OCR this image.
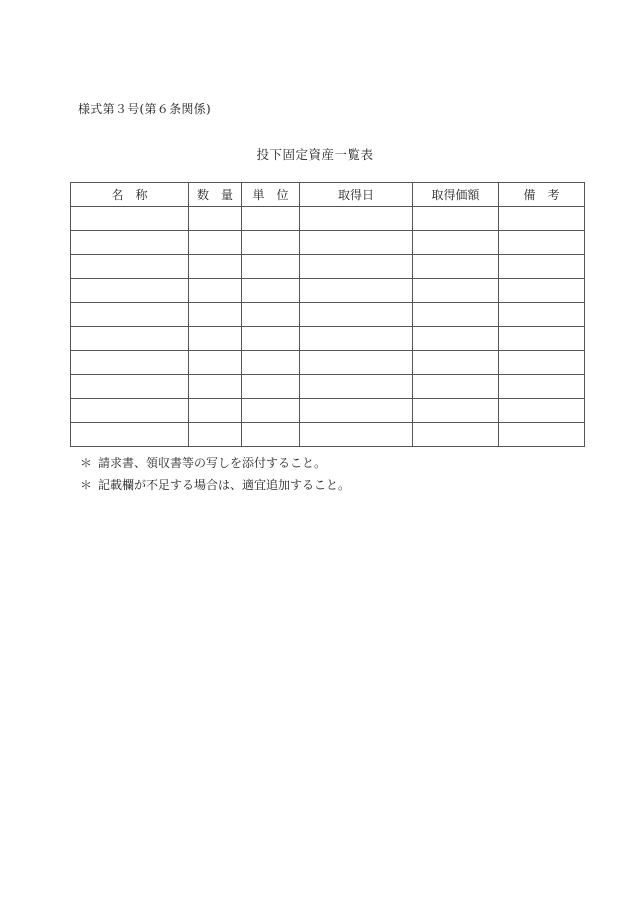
様式第３号(第６条関係)
投下固定資産一覧表
名　称	数　量	単　位	取得日	取得価額	備　考

＊ 請求書、領収書等の写しを添付すること。
＊ 記載欄が不足する場合は、適宜追加すること。
